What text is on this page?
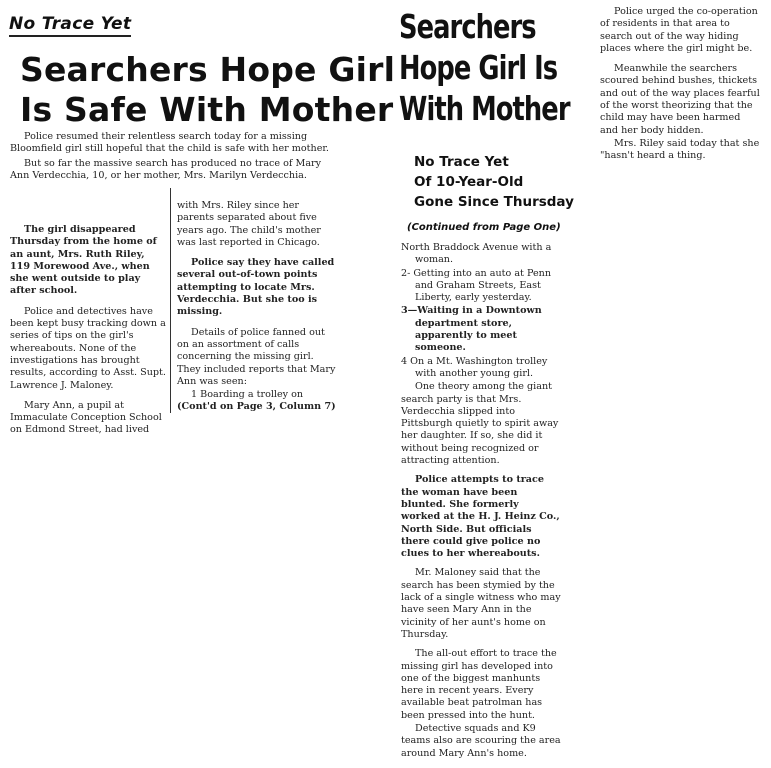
No Trace Yet
Searchers Hope Girl
Is Safe With Mother

Police resumed their relentless search today for a missing Bloomfield girl still hopeful that the child is safe with her mother.

But so far the massive search has produced no trace of Mary Ann Verdecchia, 10, or her mother, Mrs. Marilyn Verdecchia.

The girl disappeared Thursday from the home of an aunt, Mrs. Ruth Riley, 119 Morewood Ave., when she went outside to play after school.

Police and detectives have been kept busy tracking down a series of tips on the girl's whereabouts. None of the investigations has brought results, according to Asst. Supt. Lawrence J. Maloney.

Mary Ann, a pupil at Immaculate Conception School on Edmond Street, had lived

with Mrs. Riley since her parents separated about five years ago. The child's mother was last reported in Chicago.

Police say they have called several out-of-town points attempting to locate Mrs. Verdecchia. But she too is missing.

Details of police fanned out on an assortment of calls concerning the missing girl. They included reports that Mary Ann was seen:

1 Boarding a trolley on

(Cont'd on Page 3, Column 7)

Searchers
Hope Girl Is
With Mother
No Trace Yet
Of 10-Year-Old
Gone Since Thursday
(Continued from Page One)

North Braddock Avenue with a woman.

2- Getting into an auto at Penn and Graham Streets, East Liberty, early yesterday.

3—Waiting in a Downtown department store, apparently to meet someone.

4 On a Mt. Washington trolley with another young girl.

One theory among the giant search party is that Mrs. Verdecchia slipped into Pittsburgh quietly to spirit away her daughter. If so, she did it without being recognized or attracting attention.

Police attempts to trace the woman have been blunted. She formerly worked at the H. J. Heinz Co., North Side. But officials there could give police no clues to her whereabouts.

Mr. Maloney said that the search has been stymied by the lack of a single witness who may have seen Mary Ann in the vicinity of her aunt's home on Thursday.

The all-out effort to trace the missing girl has developed into one of the biggest manhunts here in recent years. Every available beat patrolman has been pressed into the hunt.

Detective squads and K9 teams also are scouring the area around Mary Ann's home.

Police urged the co-operation of residents in that area to search out of the way hiding places where the girl might be.

Meanwhile the searchers scoured behind bushes, thickets and out of the way places fearful of the worst theorizing that the child may have been harmed and her body hidden.

Mrs. Riley said today that she "hasn't heard a thing.
